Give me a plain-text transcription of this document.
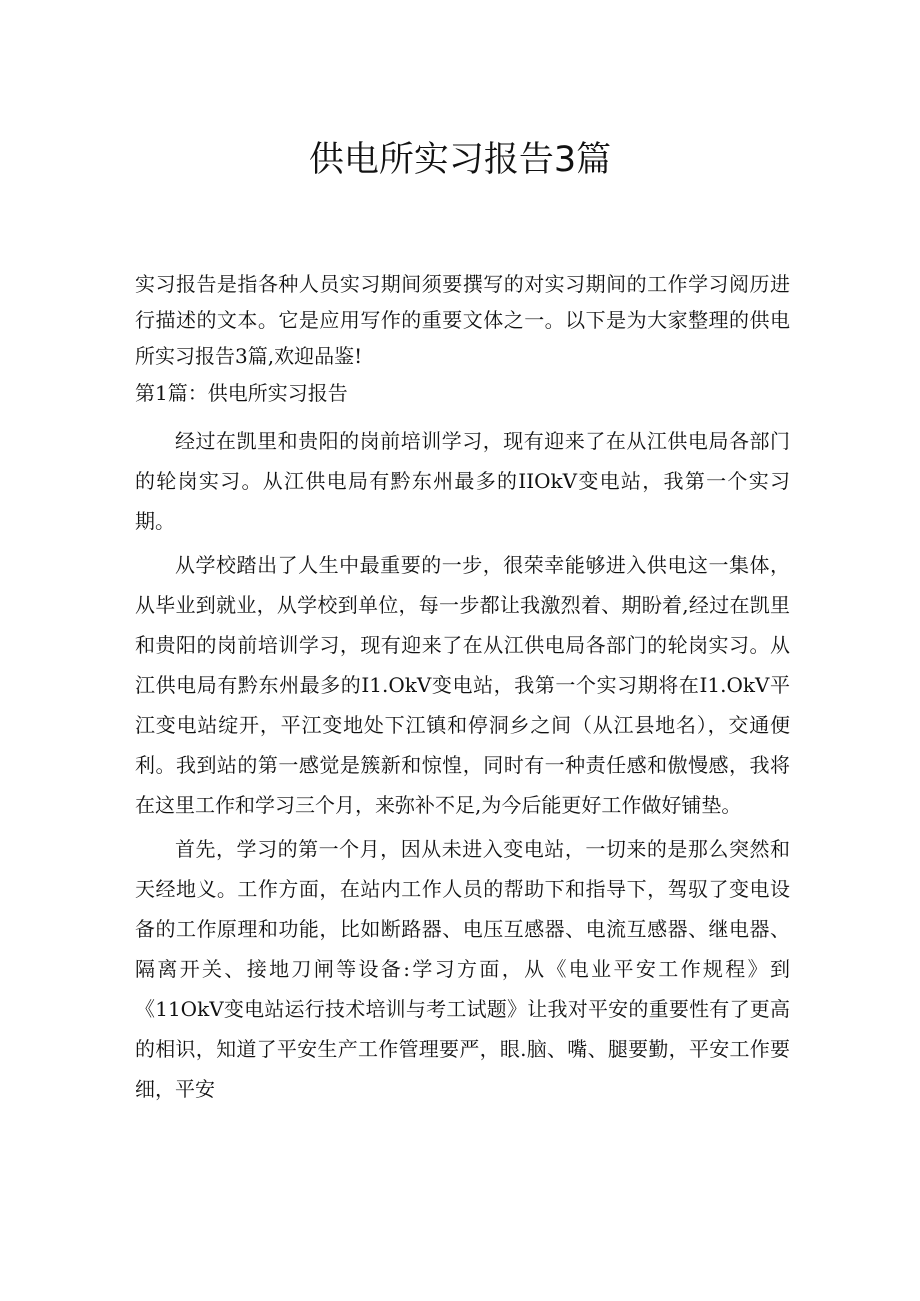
供电所实习报告3篇

实习报告是指各种人员实习期间须要撰写的对实习期间的工作学习阅历进行描述的文本。它是应用写作的重要文体之一。以下是为大家整理的供电所实习报告3篇,欢迎品鉴!

第1篇：供电所实习报告

经过在凯里和贵阳的岗前培训学习，现有迎来了在从江供电局各部门的轮岗实习。从江供电局有黔东州最多的IIOkV变电站，我第一个实习期。

从学校踏出了人生中最重要的一步，很荣幸能够进入供电这一集体，从毕业到就业，从学校到单位，每一步都让我激烈着、期盼着,经过在凯里和贵阳的岗前培训学习，现有迎来了在从江供电局各部门的轮岗实习。从江供电局有黔东州最多的I1.OkV变电站，我第一个实习期将在I1.OkV平江变电站绽开，平江变地处下江镇和停洞乡之间（从江县地名），交通便利。我到站的第一感觉是簇新和惊惶，同时有一种责任感和傲慢感，我将在这里工作和学习三个月，来弥补不足,为今后能更好工作做好铺垫。

首先，学习的第一个月，因从未进入变电站，一切来的是那么突然和天经地义。工作方面，在站内工作人员的帮助下和指导下，驾驭了变电设备的工作原理和功能，比如断路器、电压互感器、电流互感器、继电器、隔离开关、接地刀闸等设备:学习方面，从《电业平安工作规程》到《11OkV变电站运行技术培训与考工试题》让我对平安的重要性有了更高的相识，知道了平安生产工作管理要严，眼.脑、嘴、腿要勤，平安工作要细，平安
